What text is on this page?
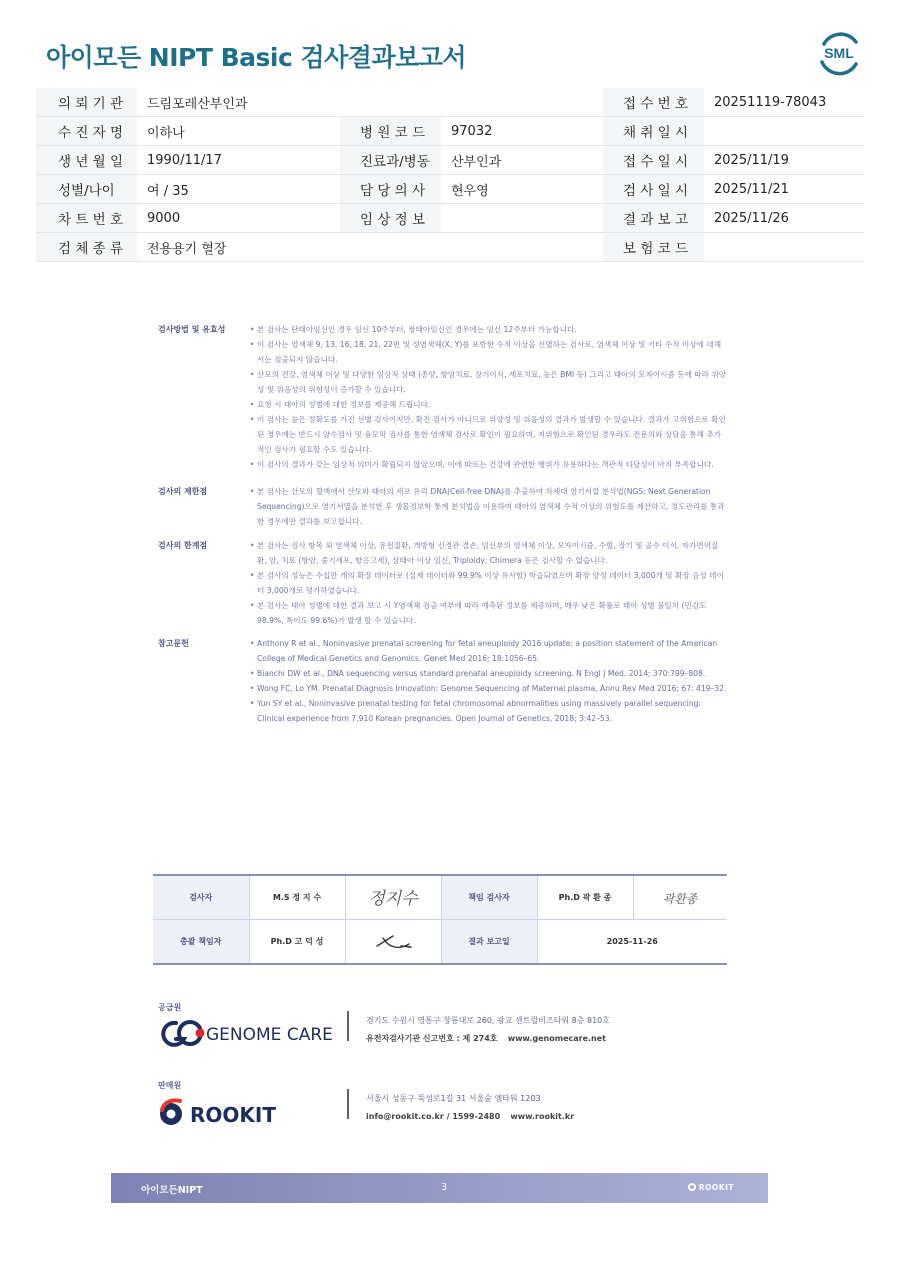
아이모든 NIPT Basic 검사결과보고서	SML
의 뢰 기 관	드림포레산부인과			접 수 번 호	20251119-78043
수 진 자 명	이하나	병 원 코 드	97032	채 취 일 시	
생 년 월 일	1990/11/17	진료과/병동	산부인과	접 수 일 시	2025/11/19
성별/나이	여 / 35	담 당 의 사	현우영	검 사 일 시	2025/11/21
차 트 번 호	9000	임 상 정 보		결 과 보 고	2025/11/26
검 체 종 류	전용용기 혈장			보 험 코 드	
검사방법 및 유효성	• 본 검사는 단태아임신인 경우 임신 10주부터, 쌍태아임신인 경우에는 임신 12주부터 가능합니다.
• 이 검사는 염색체 9, 13, 16, 18, 21, 22번 및 성염색체(X, Y)를 포함한 수적 이상을 선별하는 검사로, 염색체 이상 및 기타 수적 이상에 대해서는 검출되지 않습니다.
• 산모의 건강, 염색체 이상 및 다양한 임상적 상태 (종양, 항암치료, 장기이식, 세포치료, 높은 BMI 등) 그리고 태아의 모자이시즘 등에 따라 위양성 및 위음성의 위험성이 증가할 수 있습니다.
• 요청 시 태아의 성별에 대한 정보를 제공해 드립니다.
• 이 검사는 높은 정확도를 가진 선별 검사이지만, 확진 검사가 아니므로 위양성 및 위음성의 결과가 발생할 수 있습니다. 결과가 고위험으로 확인된 경우에는 반드시 양수검사 및 융모막 검사를 통한 염색체 검사로 확인이 필요하며, 저위험으로 확인된 경우라도 전문의와 상담을 통해 추가적인 검사가 필요할 수도 있습니다.
• 이 검사의 결과가 갖는 임상적 의미가 확립되지 않았으며, 이에 따르는 건강에 관련한 행위가 유용하다는 객관적 타당성이 아직 부족합니다.
검사의 제한점	• 본 검사는 산모의 혈액에서 산모와 태아의 세포 유리 DNA(Cell-free DNA)를 추출하여 차세대 염기서열 분석법(NGS; Next Generation Sequencing)으로 염기서열을 분석한 후 생물정보학 통계 분석법을 이용하여 태아의 염색체 수적 이상의 위험도를 계산하고, 정도관리를 통과한 경우에만 결과를 보고합니다.
검사의 한계점	• 본 검사는 검사 항목 외 염색체 이상, 유전질환, 개방형 신경관 결손, 임신부의 염색체 이상, 모자이시즘, 수혈, 장기 및 골수 이식, 자가면역질환, 암, 치료 (항암, 줄기세포, 항응고제), 삼태아 이상 임신, Triploidy, Chimera 등은 검사할 수 없습니다.
• 본 검사의 성능은 수십만 개의 확장 데이터로 (실제 데이터와 99.9% 이상 유사함) 학습되었으며 확장 양성 데이터 3,000개 및 확장 음성 데이터 3,000개로 평가하였습니다.
• 본 검사는 태아 성별에 대한 결과 보고 시 Y염색체 검출 여부에 따라 예측된 정보를 제공하며, 매우 낮은 확률로 태아 성별 불일치 (민감도98.9%, 특이도 99.6%)가 발생 할 수 있습니다.
참고문헌	• Anthony R et al., Noninvasive prenatal screening for fetal aneuploidy 2016 update: a position statement of the American College of Medical Genetics and Genomics. Genet Med 2016; 18:1056–65.
• Bianchi DW et al., DNA sequencing versus standard prenatal aneuploidy screening. N Engl J Med. 2014; 370:799–808.
• Wong FC, Lo YM. Prenatal Diagnosis Innovation: Genome Sequencing of Maternal plasma. Annu Rev Med 2016; 67: 419–32.
• Yun SY et al., Noninvasive prenatal testing for fetal chromosomal abnormalities using massively parallel sequencing: Clinical experience from 7,910 Korean pregnancies. Open Journal of Genetics, 2018; 3:42–53.
검사자	M.S 정 지 수	정지수	책임 검사자	Ph.D 곽 환 종	곽환종

총괄 책임자	Ph.D 고 덕 성		결과 보고일	2025-11-26	
공급원
GENOME CARE
경기도 수원시 영통구 창룡대로 260, 광교 센트럴비즈타워 8층 810호
유전자검사기관 신고번호 : 제 274호 www.genomecare.net
판매원
ROOKIT
서울시 성동구 뚝섬로1길 31 서울숲 엠타워 1203
info@rookit.co.kr / 1599-2480 www.rookit.kr
아이모든NIPT	3	ROOKIT
